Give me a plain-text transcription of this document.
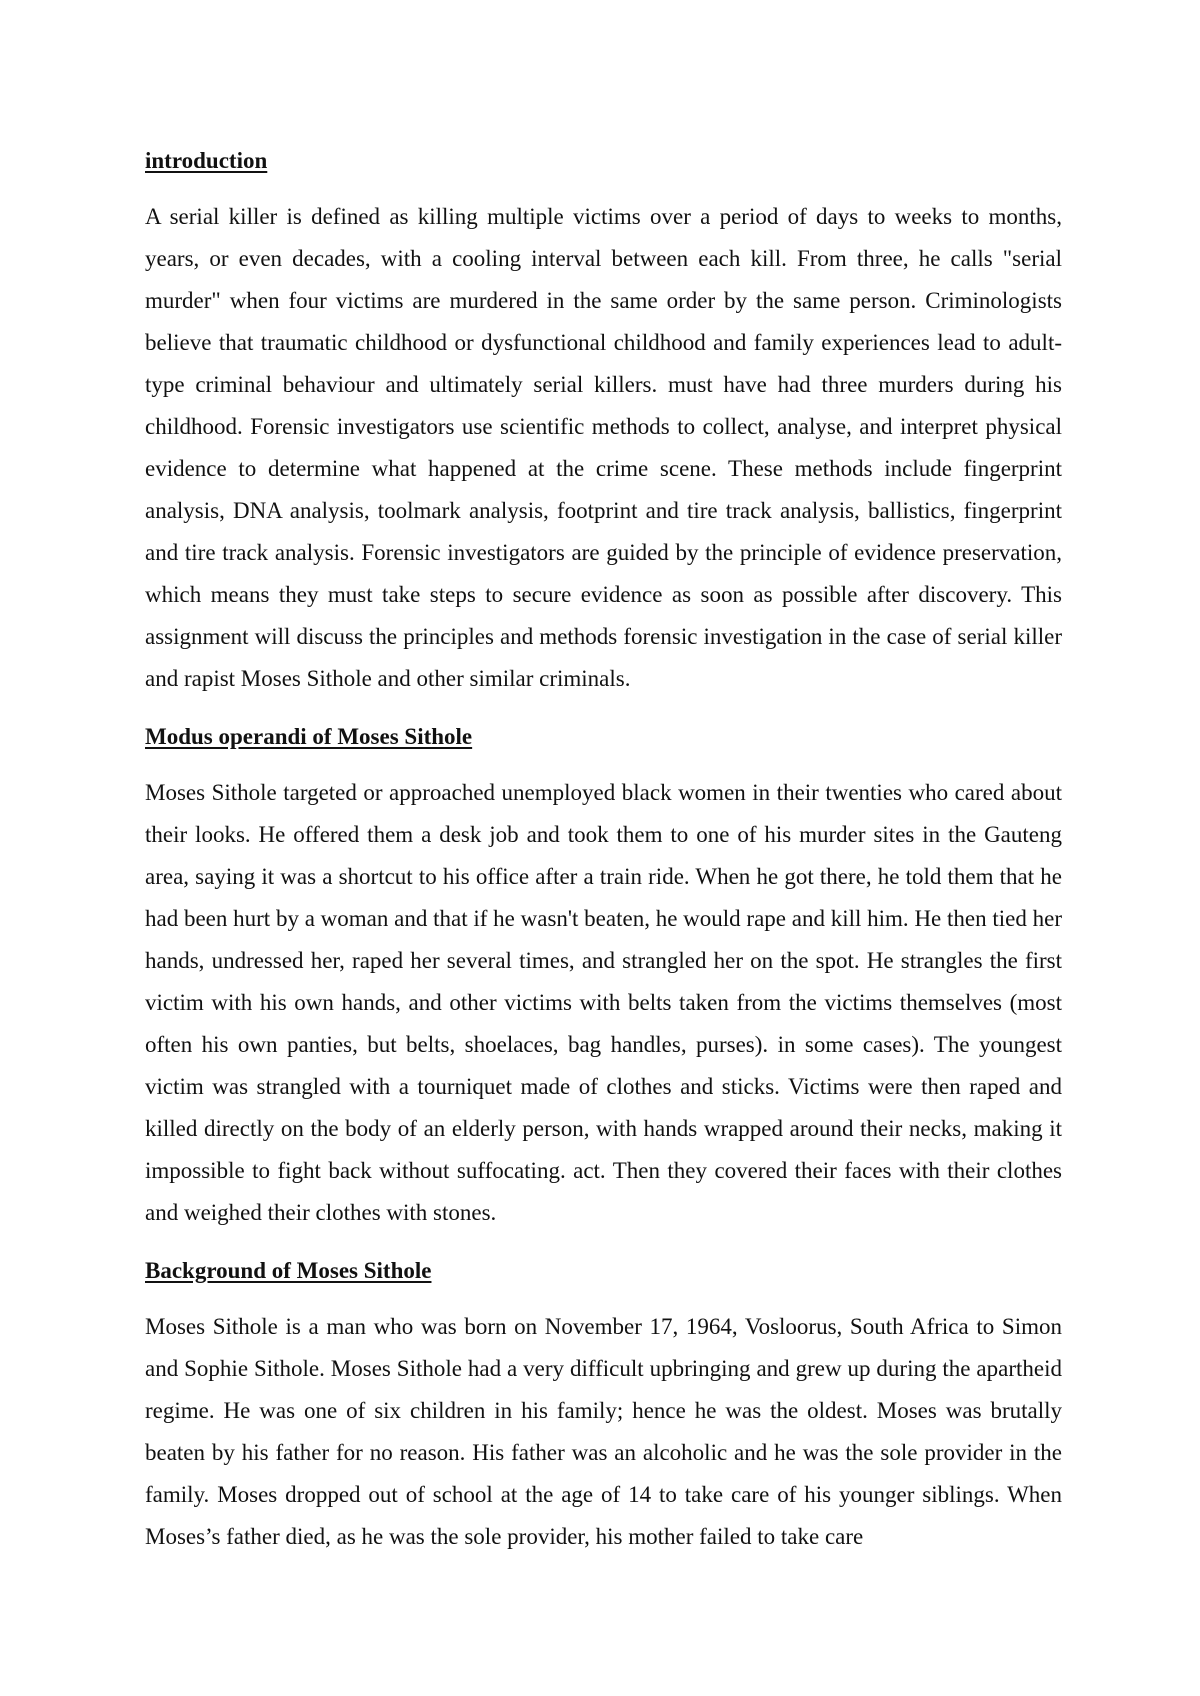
introduction

A serial killer is defined as killing multiple victims over a period of days to weeks to months, years, or even decades, with a cooling interval between each kill. From three, he calls "serial murder" when four victims are murdered in the same order by the same person. Criminologists believe that traumatic childhood or dysfunctional childhood and family experiences lead to adult-type criminal behaviour and ultimately serial killers. must have had three murders during his childhood. Forensic investigators use scientific methods to collect, analyse, and interpret physical evidence to determine what happened at the crime scene. These methods include fingerprint analysis, DNA analysis, toolmark analysis, footprint and tire track analysis, ballistics, fingerprint and tire track analysis. Forensic investigators are guided by the principle of evidence preservation, which means they must take steps to secure evidence as soon as possible after discovery. This assignment will discuss the principles and methods forensic investigation in the case of serial killer and rapist Moses Sithole and other similar criminals.

Modus operandi of Moses Sithole

Moses Sithole targeted or approached unemployed black women in their twenties who cared about their looks. He offered them a desk job and took them to one of his murder sites in the Gauteng area, saying it was a shortcut to his office after a train ride. When he got there, he told them that he had been hurt by a woman and that if he wasn't beaten, he would rape and kill him. He then tied her hands, undressed her, raped her several times, and strangled her on the spot. He strangles the first victim with his own hands, and other victims with belts taken from the victims themselves (most often his own panties, but belts, shoelaces, bag handles, purses). in some cases). The youngest victim was strangled with a tourniquet made of clothes and sticks. Victims were then raped and killed directly on the body of an elderly person, with hands wrapped around their necks, making it impossible to fight back without suffocating. act. Then they covered their faces with their clothes and weighed their clothes with stones.

Background of Moses Sithole

Moses Sithole is a man who was born on November 17, 1964, Vosloorus, South Africa to Simon and Sophie Sithole. Moses Sithole had a very difficult upbringing and grew up during the apartheid regime. He was one of six children in his family; hence he was the oldest. Moses was brutally beaten by his father for no reason. His father was an alcoholic and he was the sole provider in the family. Moses dropped out of school at the age of 14 to take care of his younger siblings. When Moses’s father died, as he was the sole provider, his mother failed to take care
